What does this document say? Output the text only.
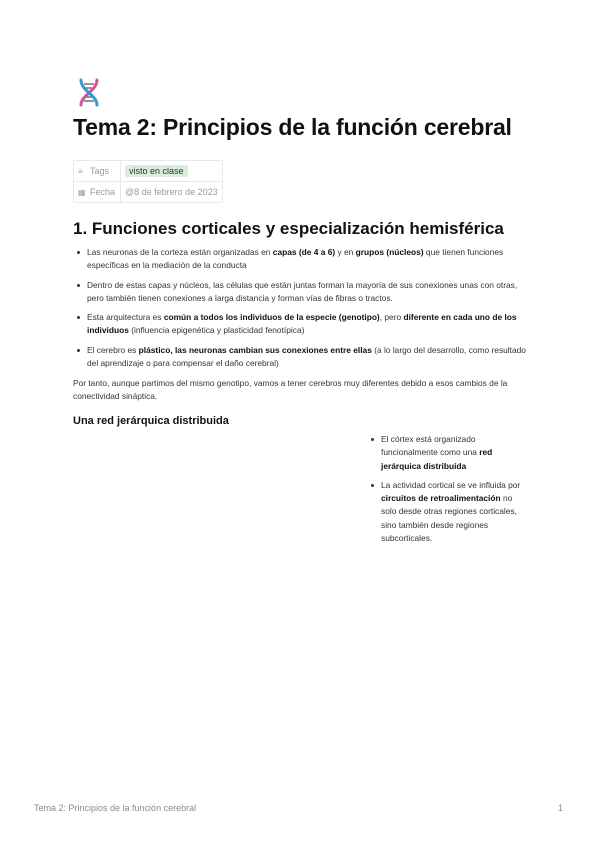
Tema 2: Principios de la función cerebral
≡ Tags	visto en clase
▦ Fecha	@8 de febrero de 2023
1. Funciones corticales y especialización hemisférica
Las neuronas de la corteza están organizadas en capas (de 4 a 6) y en grupos (núcleos) que tienen funciones específicas en la mediación de la conducta
Dentro de estas capas y núcleos, las células que están juntas forman la mayoría de sus conexiones unas con otras, pero también tienen conexiones a larga distancia y forman vías de fibras o tractos.
Esta arquitectura es común a todos los individuos de la especie (genotipo), pero diferente en cada uno de los individuos (influencia epigenética y plasticidad fenotípica)
El cerebro es plástico, las neuronas cambian sus conexiones entre ellas (a lo largo del desarrollo, como resultado del aprendizaje o para compensar el daño cerebral)

Por tanto, aunque partimos del mismo genotipo, vamos a tener cerebros muy diferentes debido a esos cambios de la conectividad sináptica.

Una red jerárquica distribuida
El córtex está organizado funcionalmente como una red jerárquica distribuida
La actividad cortical se ve influida por circuitos de retroalimentación no solo desde otras regiones corticales, sino también desde regiones subcorticales.
Tema 2: Principios de la función cerebral	1
